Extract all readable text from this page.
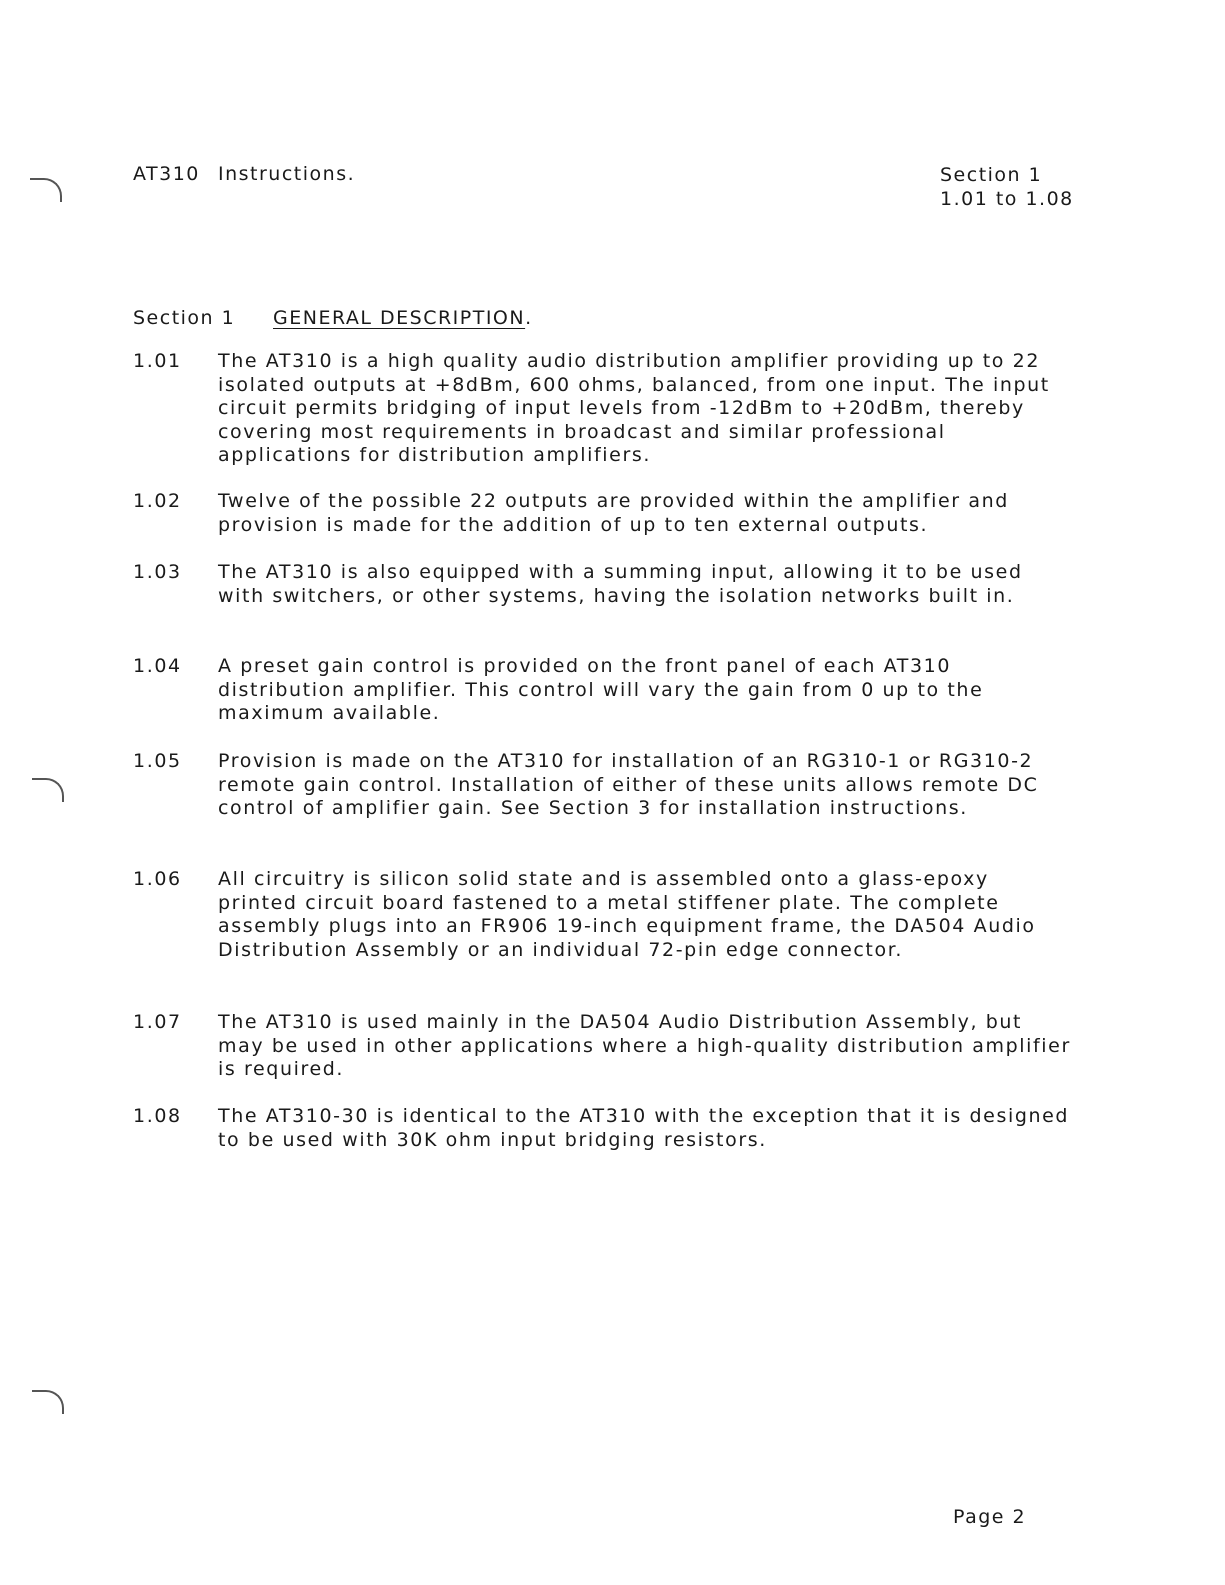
AT310 Instructions.	Section 1
1.01 to 1.08
Section 1 GENERAL DESCRIPTION.
1.01 The AT310 is a high quality audio distribution amplifier providing up to 22 isolated outputs at +8dBm, 600 ohms, balanced, from one input. The input circuit permits bridging of input levels from -12dBm to +20dBm, thereby covering most requirements in broadcast and similar professional applications for distribution amplifiers.
1.02 Twelve of the possible 22 outputs are provided within the amplifier and provision is made for the addition of up to ten external outputs.
1.03 The AT310 is also equipped with a summing input, allowing it to be used with switchers, or other systems, having the isolation networks built in.
1.04 A preset gain control is provided on the front panel of each AT310 distribution amplifier. This control will vary the gain from 0 up to the maximum available.
1.05 Provision is made on the AT310 for installation of an RG310-1 or RG310-2 remote gain control. Installation of either of these units allows remote DC control of amplifier gain. See Section 3 for installation instructions.
1.06 All circuitry is silicon solid state and is assembled onto a glass-epoxy printed circuit board fastened to a metal stiffener plate. The complete assembly plugs into an FR906 19-inch equipment frame, the DA504 Audio Distribution Assembly or an individual 72-pin edge connector.
1.07 The AT310 is used mainly in the DA504 Audio Distribution Assembly, but may be used in other applications where a high-quality distribution amplifier is required.
1.08 The AT310-30 is identical to the AT310 with the exception that it is designed to be used with 30K ohm input bridging resistors.
Page 2
